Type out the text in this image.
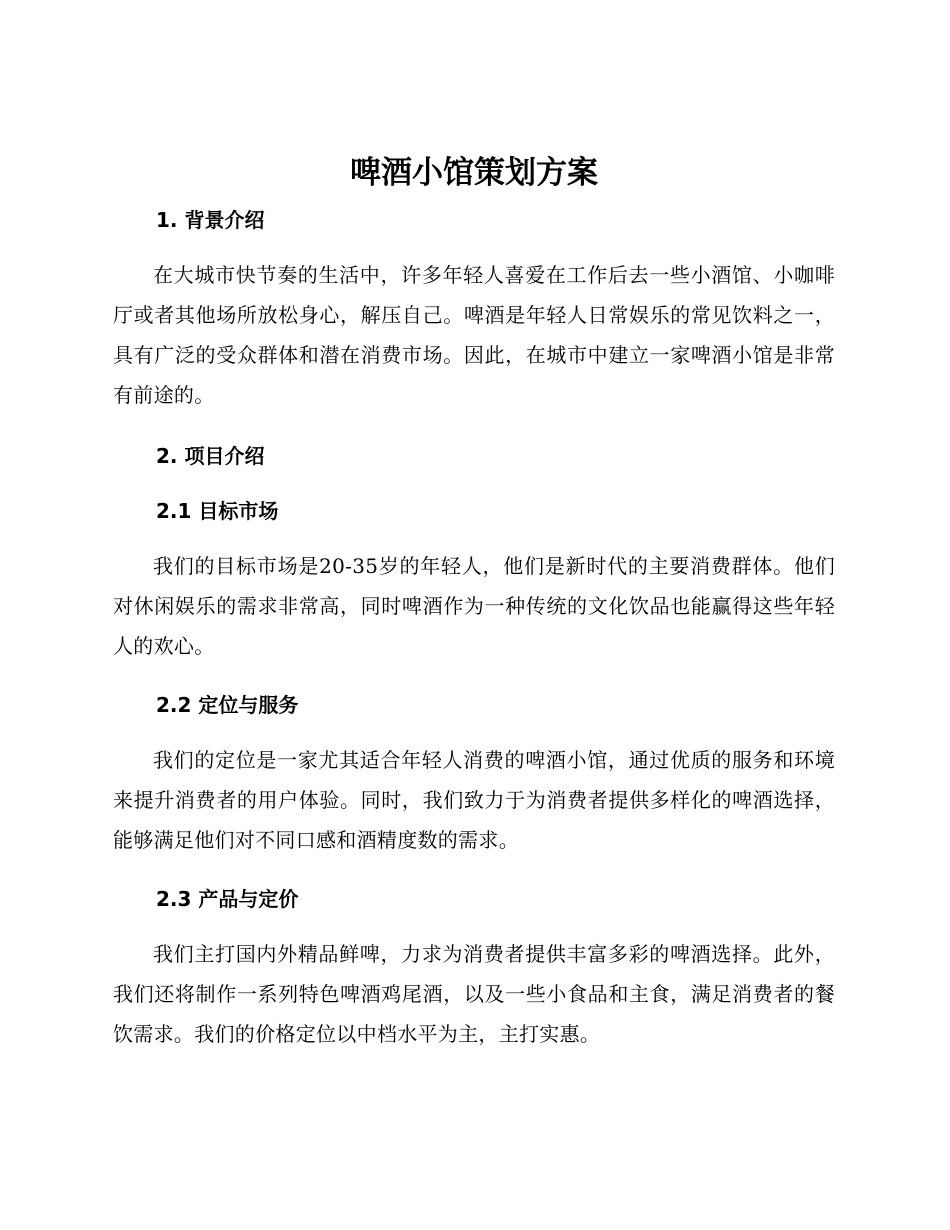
啤酒小馆策划方案
1. 背景介绍

在大城市快节奏的生活中，许多年轻人喜爱在工作后去一些小酒馆、小咖啡厅或者其他场所放松身心，解压自己。啤酒是年轻人日常娱乐的常见饮料之一，具有广泛的受众群体和潜在消费市场。因此，在城市中建立一家啤酒小馆是非常有前途的。

2. 项目介绍
2.1 目标市场

我们的目标市场是20-35岁的年轻人，他们是新时代的主要消费群体。他们对休闲娱乐的需求非常高，同时啤酒作为一种传统的文化饮品也能赢得这些年轻人的欢心。

2.2 定位与服务

我们的定位是一家尤其适合年轻人消费的啤酒小馆，通过优质的服务和环境来提升消费者的用户体验。同时，我们致力于为消费者提供多样化的啤酒选择，能够满足他们对不同口感和酒精度数的需求。

2.3 产品与定价

我们主打国内外精品鲜啤，力求为消费者提供丰富多彩的啤酒选择。此外，我们还将制作一系列特色啤酒鸡尾酒，以及一些小食品和主食，满足消费者的餐饮需求。我们的价格定位以中档水平为主，主打实惠。
